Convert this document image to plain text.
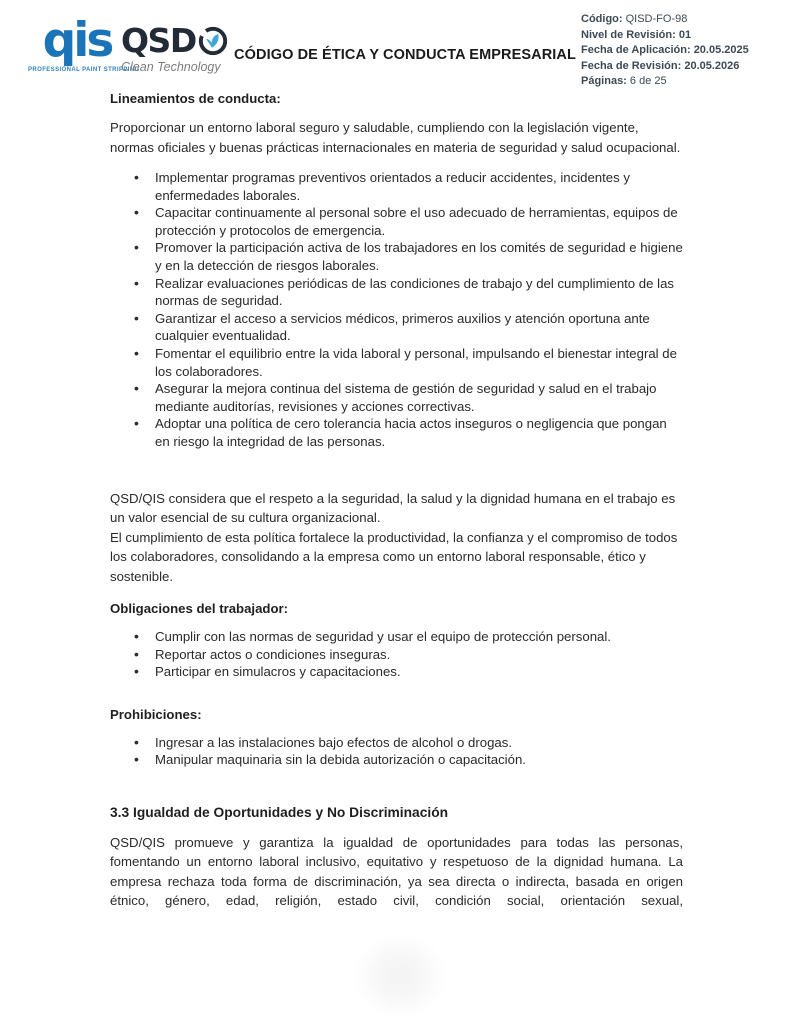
qis
PROFESSIONAL PAINT STRIPPING
QSD
Clean Technology
CÓDIGO DE ÉTICA Y CONDUCTA EMPRESARIAL
Código: QISD-FO-98
Nivel de Revisión: 01
Fecha de Aplicación: 20.05.2025
Fecha de Revisión: 20.05.2026
Páginas: 6 de 25
Lineamientos de conducta:

Proporcionar un entorno laboral seguro y saludable, cumpliendo con la legislación vigente, normas oficiales y buenas prácticas internacionales en materia de seguridad y salud ocupacional.

• Implementar programas preventivos orientados a reducir accidentes, incidentes y enfermedades laborales.
• Capacitar continuamente al personal sobre el uso adecuado de herramientas, equipos de protección y protocolos de emergencia.
• Promover la participación activa de los trabajadores en los comités de seguridad e higiene y en la detección de riesgos laborales.
• Realizar evaluaciones periódicas de las condiciones de trabajo y del cumplimiento de las normas de seguridad.
• Garantizar el acceso a servicios médicos, primeros auxilios y atención oportuna ante cualquier eventualidad.
• Fomentar el equilibrio entre la vida laboral y personal, impulsando el bienestar integral de los colaboradores.
• Asegurar la mejora continua del sistema de gestión de seguridad y salud en el trabajo mediante auditorías, revisiones y acciones correctivas.
• Adoptar una política de cero tolerancia hacia actos inseguros o negligencia que pongan en riesgo la integridad de las personas.

QSD/QIS considera que el respeto a la seguridad, la salud y la dignidad humana en el trabajo es un valor esencial de su cultura organizacional.

El cumplimiento de esta política fortalece la productividad, la confianza y el compromiso de todos los colaboradores, consolidando a la empresa como un entorno laboral responsable, ético y sostenible.

Obligaciones del trabajador:
• Cumplir con las normas de seguridad y usar el equipo de protección personal.
• Reportar actos o condiciones inseguras.
• Participar en simulacros y capacitaciones.
Prohibiciones:
• Ingresar a las instalaciones bajo efectos de alcohol o drogas.
• Manipular maquinaria sin la debida autorización o capacitación.
3.3 Igualdad de Oportunidades y No Discriminación

QSD/QIS promueve y garantiza la igualdad de oportunidades para todas las personas, fomentando un entorno laboral inclusivo, equitativo y respetuoso de la dignidad humana. La empresa rechaza toda forma de discriminación, ya sea directa o indirecta, basada en origen étnico, género, edad, religión, estado civil, condición social, orientación sexual,
